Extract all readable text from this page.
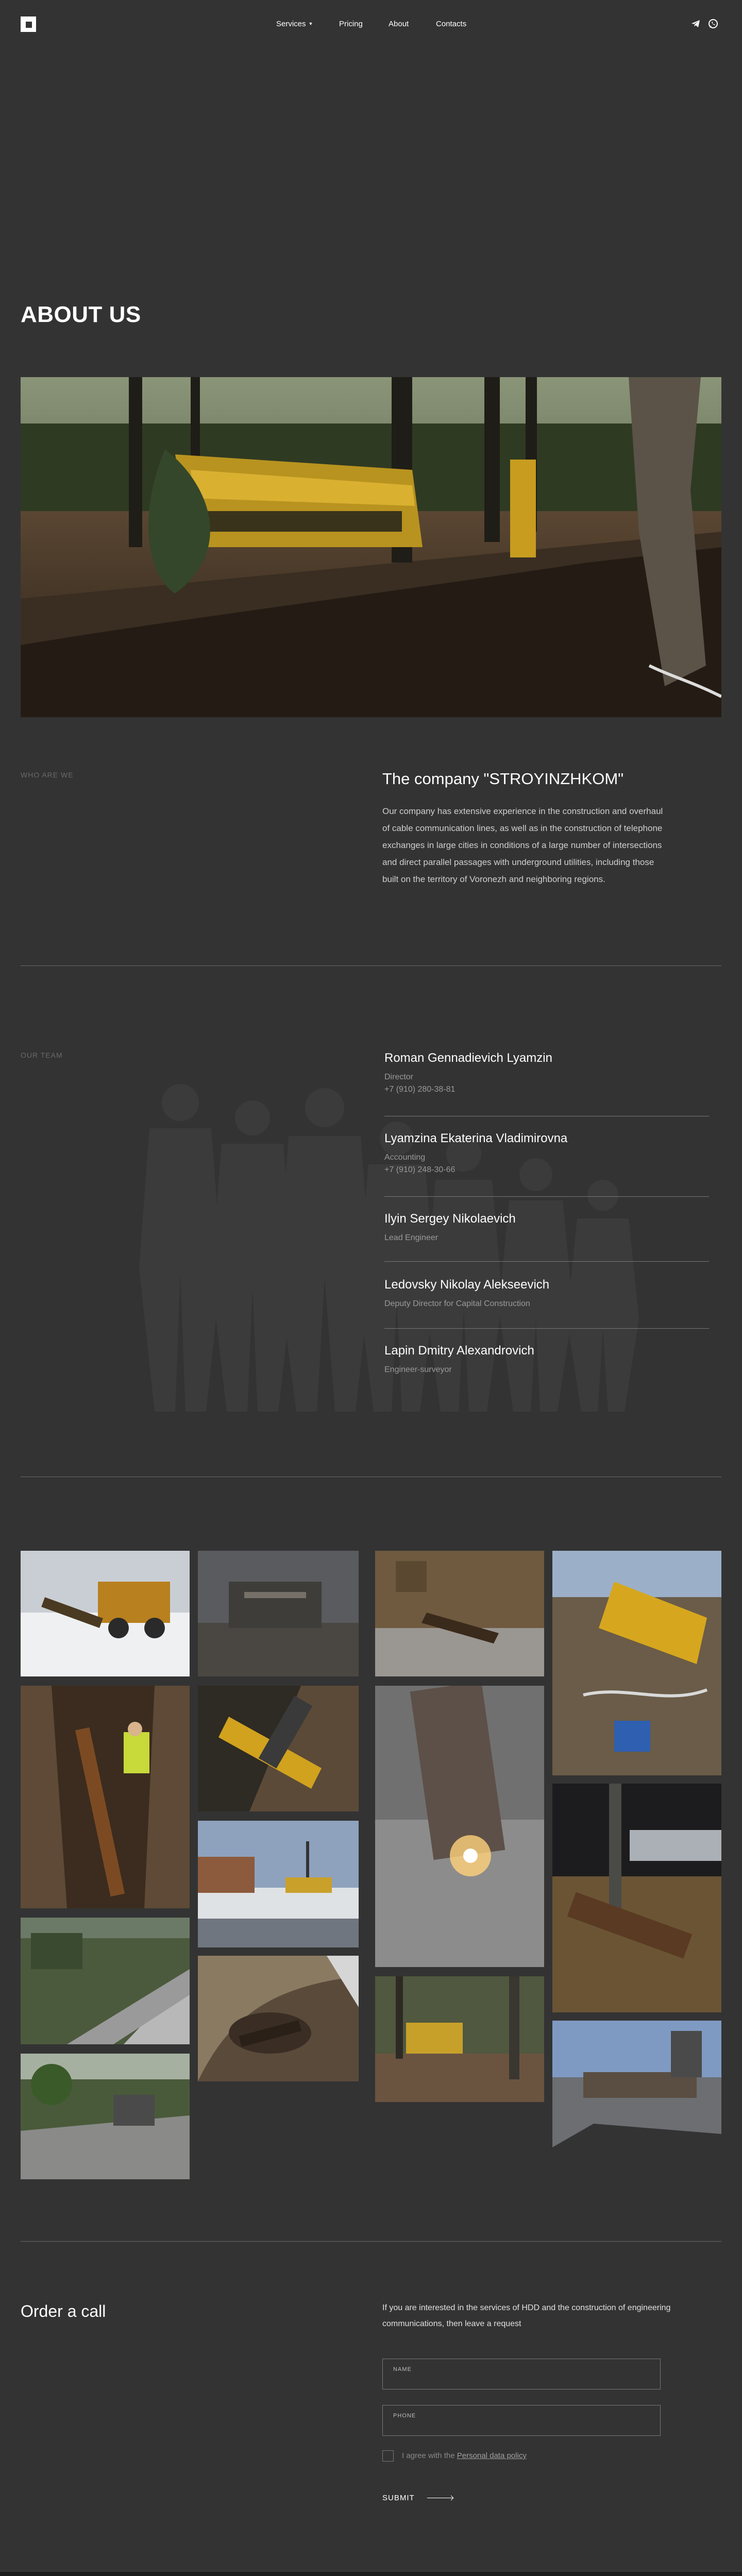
Services ▼	Pricing	About	Contacts
ABOUT US
WHO ARE WE	The company "STROYINZHKOM"
Our company has extensive experience in the construction and overhaul of cable communication lines, as well as in the construction of telephone exchanges in large cities in conditions of a large number of intersections and direct parallel passages with underground utilities, including those built on the territory of Voronezh and neighboring regions.
OUR TEAM	Roman Gennadievich Lyamzin
Director
+7 (910) 280-38-81
Lyamzina Ekaterina Vladimirovna
Accounting
+7 (910) 248-30-66
Ilyin Sergey Nikolaevich
Lead Engineer
Ledovsky Nikolay Alekseevich
Deputy Director for Capital Construction
Lapin Dmitry Alexandrovich
Engineer-surveyor
Order a call	If you are interested in the services of HDD and the construction of engineering communications, then leave a request
NAME
PHONE
I agree with the Personal data policy
SUBMIT
